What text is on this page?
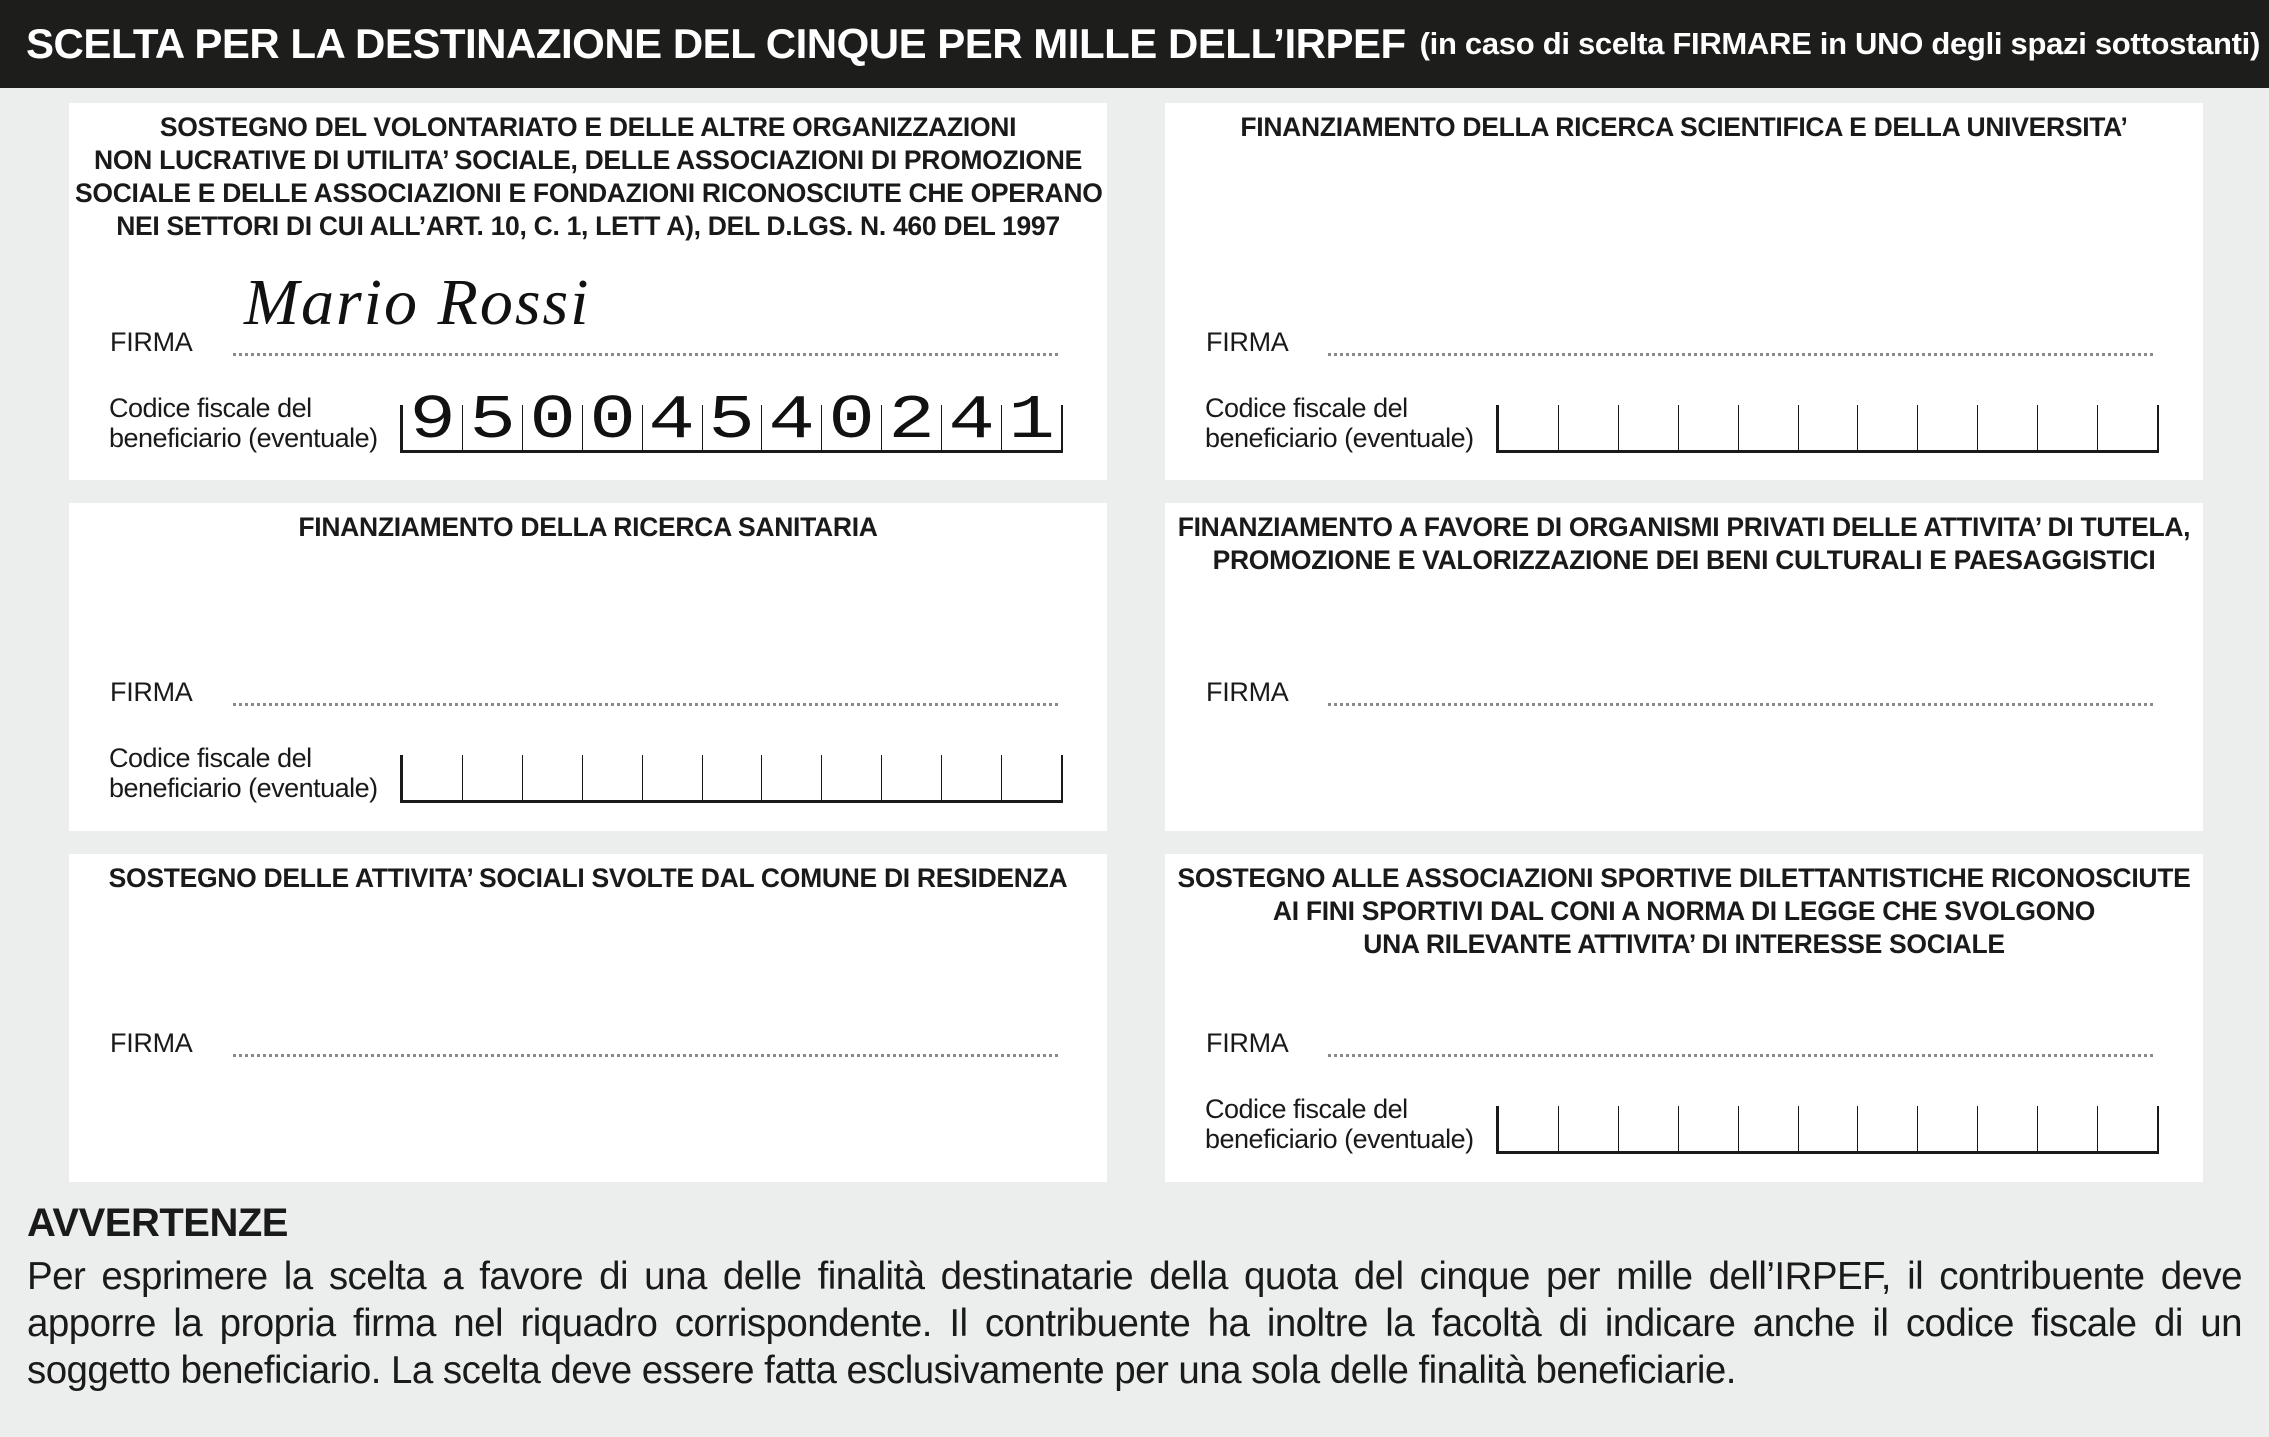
SCELTA PER LA DESTINAZIONE DEL CINQUE PER MILLE DELL’IRPEF (in caso di scelta FIRMARE in UNO degli spazi sottostanti)
SOSTEGNO DEL VOLONTARIATO E DELLE ALTRE ORGANIZZAZIONI
NON LUCRATIVE DI UTILITA’ SOCIALE, DELLE ASSOCIAZIONI DI PROMOZIONE
SOCIALE E DELLE ASSOCIAZIONI E FONDAZIONI RICONOSCIUTE CHE OPERANO
NEI SETTORI DI CUI ALL’ART. 10, C. 1, LETT A), DEL D.LGS. N. 460 DEL 1997
Mario Rossi
FIRMA
Codice fiscale del
beneficiario (eventuale) 9 5 0 0 4 5 4 0 2 4 1
FINANZIAMENTO DELLA RICERCA SCIENTIFICA E DELLA UNIVERSITA’
FIRMA
Codice fiscale del
beneficiario (eventuale)
FINANZIAMENTO DELLA RICERCA SANITARIA
FIRMA
Codice fiscale del
beneficiario (eventuale)
FINANZIAMENTO A FAVORE DI ORGANISMI PRIVATI DELLE ATTIVITA’ DI TUTELA,
PROMOZIONE E VALORIZZAZIONE DEI BENI CULTURALI E PAESAGGISTICI
FIRMA
SOSTEGNO DELLE ATTIVITA’ SOCIALI SVOLTE DAL COMUNE DI RESIDENZA
FIRMA
SOSTEGNO ALLE ASSOCIAZIONI SPORTIVE DILETTANTISTICHE RICONOSCIUTE
AI FINI SPORTIVI DAL CONI A NORMA DI LEGGE CHE SVOLGONO
UNA RILEVANTE ATTIVITA’ DI INTERESSE SOCIALE
FIRMA
Codice fiscale del
beneficiario (eventuale)
AVVERTENZE
Per esprimere la scelta a favore di una delle finalità destinatarie della quota del cinque per mille dell’IRPEF, il contribuente deve apporre la propria firma nel riquadro corrispondente. Il contribuente ha inoltre la facoltà di indicare anche il codice fiscale di un soggetto beneficiario. La scelta deve essere fatta esclusivamente per una sola delle finalità beneficiarie.
